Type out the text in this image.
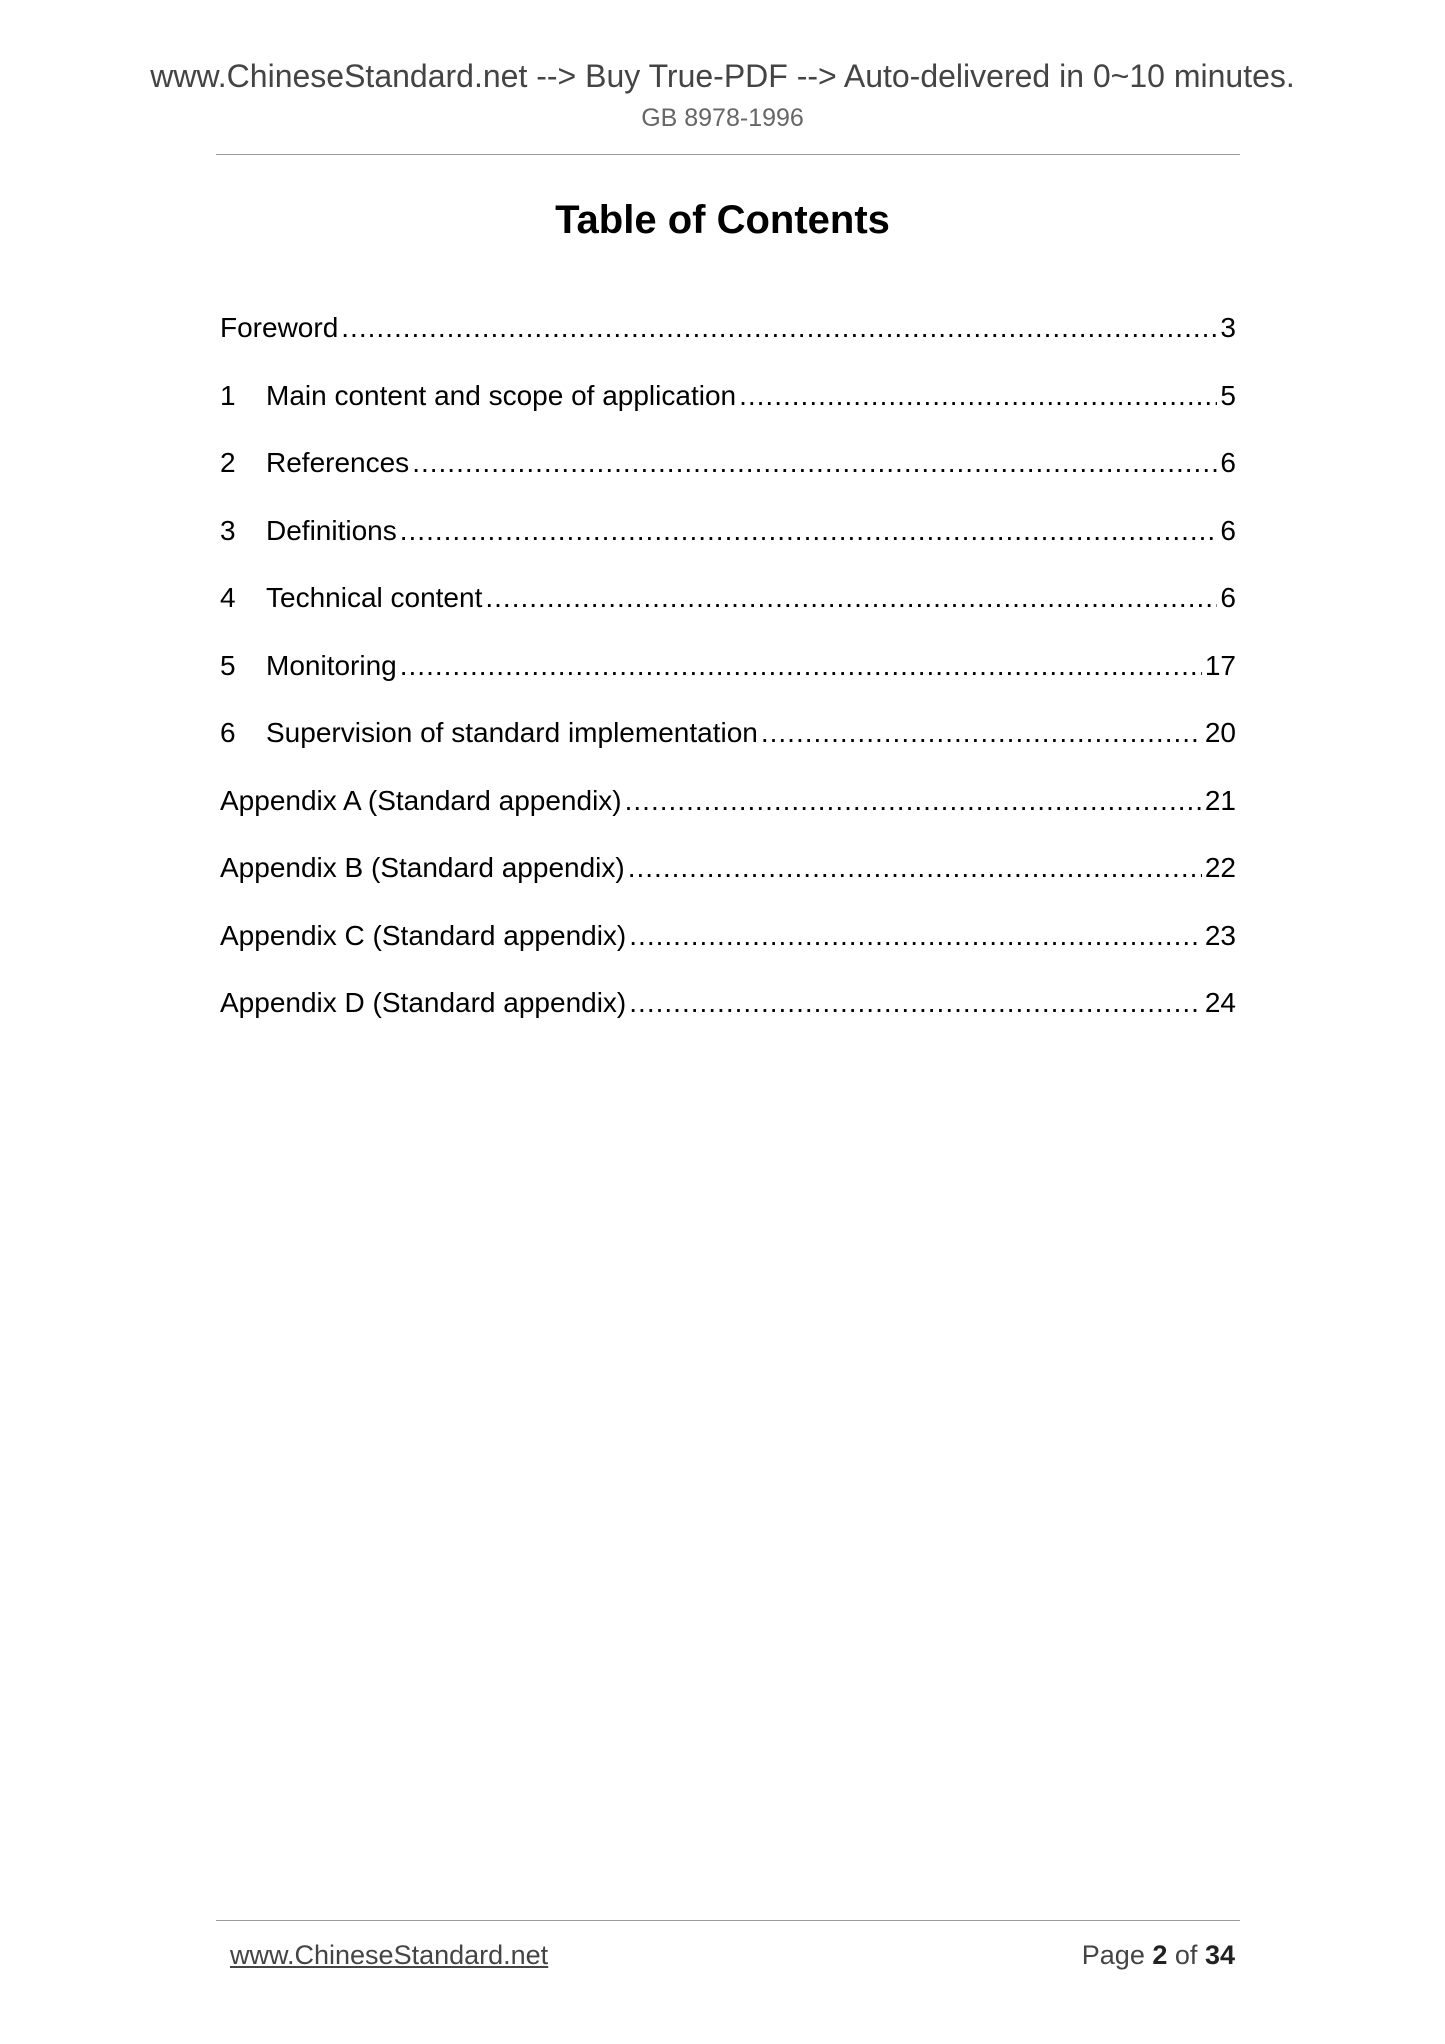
www.ChineseStandard.net --> Buy True-PDF --> Auto-delivered in 0~10 minutes.
GB 8978-1996
Table of Contents
Foreword .....	3
1	Main content and scope of application .....	5
2	References .....	6
3	Definitions .....	6
4	Technical content .....	6
5	Monitoring .....	17
6	Supervision of standard implementation .....	20
Appendix A (Standard appendix) .....	21
Appendix B (Standard appendix) .....	22
Appendix C (Standard appendix) .....	23
Appendix D (Standard appendix) .....	24
www.ChineseStandard.net	Page 2 of 34
